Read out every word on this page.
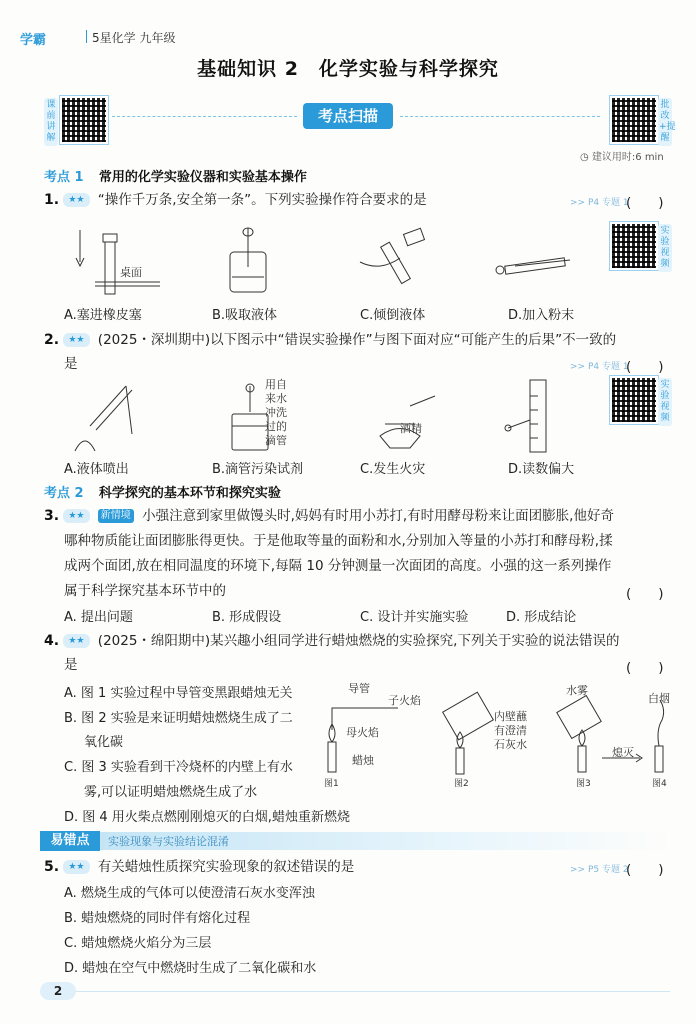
学霸	5星化学 九年级
基础知识 2　化学实验与科学探究
课前讲解
批改+提醒
实验视频
实验视频
考点扫描
◷ 建议用时:6 min
考点 1 常用的化学实验仪器和实验基本操作
1. ★★ “操作千万条,安全第一条”。下列实验操作符合要求的是	>> P4 专题 1
(　　)
桌面
A.塞进橡皮塞	B.吸取液体	C.倾倒液体	D.加入粉末
2. ★★ (2025・深圳期中)以下图示中“错误实验操作”与图下面对应“可能产生的后果”不一致的
是	>> P4 专题 1
(　　)
用自
来水
冲洗
过的
滴管
酒精
A.液体喷出	B.滴管污染试剂	C.发生火灾	D.读数偏大
考点 2 科学探究的基本环节和探究实验
3. ★★ 新情境 小强注意到家里做馒头时,妈妈有时用小苏打,有时用酵母粉来让面团膨胀,他好奇
哪种物质能让面团膨胀得更快。于是他取等量的面粉和水,分别加入等量的小苏打和酵母粉,揉
成两个面团,放在相同温度的环境下,每隔 10 分钟测量一次面团的高度。小强的这一系列操作
属于科学探究基本环节中的	(　　)
A. 提出问题	B. 形成假设	C. 设计并实施实验	D. 形成结论
4. ★★ (2025・绵阳期中)某兴趣小组同学进行蜡烛燃烧的实验探究,下列关于实验的说法错误的
是	(　　)
A. 图 1 实验过程中导管变黑跟蜡烛无关
B. 图 2 实验是来证明蜡烛燃烧生成了二
氧化碳
C. 图 3 实验看到干冷烧杯的内壁上有水
雾,可以证明蜡烛燃烧生成了水
D. 图 4 用火柴点燃刚刚熄灭的白烟,蜡烛重新燃烧
导管
子火焰
母火焰
蜡烛
内壁蘸
有澄清
石灰水
水雾
熄灭
白烟
图1	图2	图3	图4
易错点	实验现象与实验结论混淆
5. ★★ 有关蜡烛性质探究实验现象的叙述错误的是	>> P5 专题 2
(　　)
A. 燃烧生成的气体可以使澄清石灰水变浑浊
B. 蜡烛燃烧的同时伴有熔化过程
C. 蜡烛燃烧火焰分为三层
D. 蜡烛在空气中燃烧时生成了二氧化碳和水
2
